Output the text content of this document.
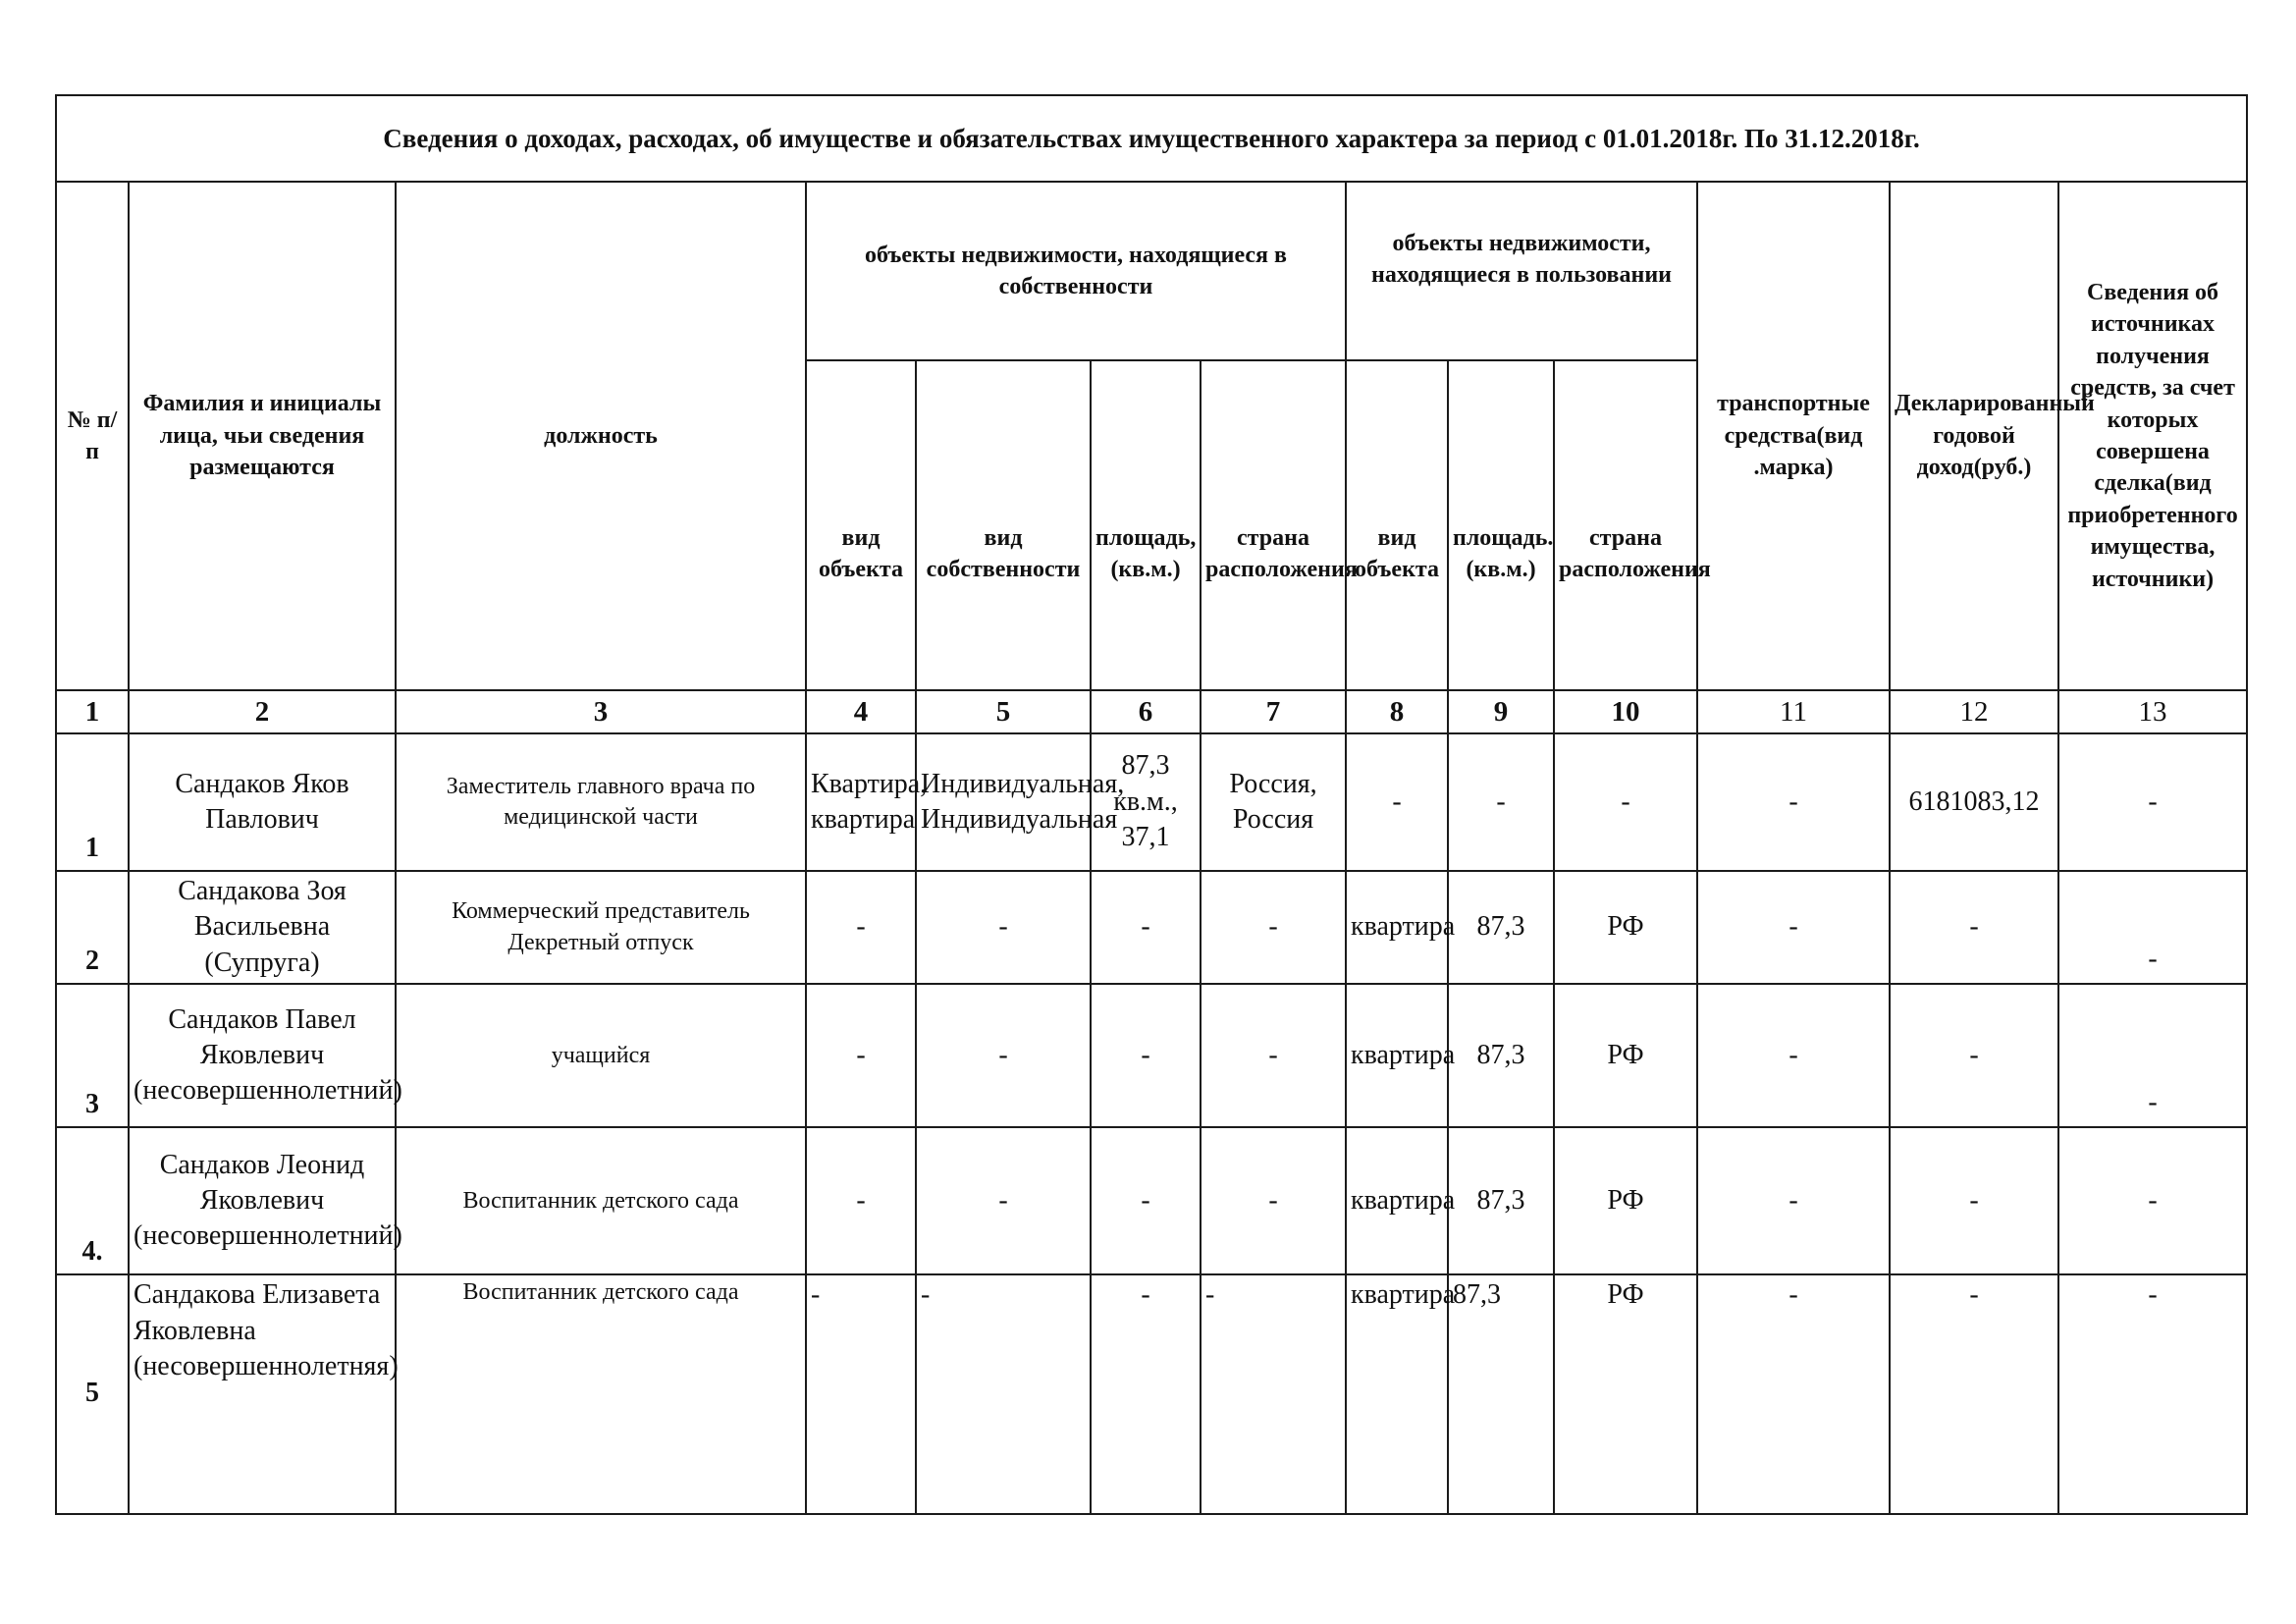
Сведения о доходах, расходах, об имуществе и обязательствах имущественного характера за период с 01.01.2018г. По 31.12.2018г.												
№ п/п	Фамилия и инициалы лица, чьи сведения размещаются	должность	объекты недвижимости, находящиеся в собственности				объекты недвижимости, находящиеся в пользовании			транспортные средства(вид .марка)	Декларированный годовой доход(руб.)	Сведения об источниках получения средств, за счет которых совершена сделка(вид приобретенного имущества, источники)
			вид объекта	вид собственности	площадь, (кв.м.)	страна расположения	вид объекта	площадь. (кв.м.)	страна расположения			
1	2	3	4	5	6	7	8	9	10	11	12	13
1	Сандаков Яков Павлович	Заместитель главного врача по медицинской части	Квартира, квартира	Индивидуальная, Индивидуальная	87,3 кв.м., 37,1	Россия, Россия	-	-	-	-	6181083,12	-
2	Сандакова Зоя Васильевна (Супруга)	Коммерческий представитель Декретный отпуск	-	-	-	-	квартира	87,3	РФ	-	-	-
3	Сандаков Павел Яковлевич (несовершеннолетний)	учащийся	-	-	-	-	квартира	87,3	РФ	-	-	-
4.	Сандаков Леонид Яковлевич (несовершеннолетний)	Воспитанник детского сада	-	-	-	-	квартира	87,3	РФ	-	-	-
5	Сандакова Елизавета Яковлевна (несовершеннолетняя)	Воспитанник детского сада	-	-	-	-	квартира	87,3	РФ	-	-	-
